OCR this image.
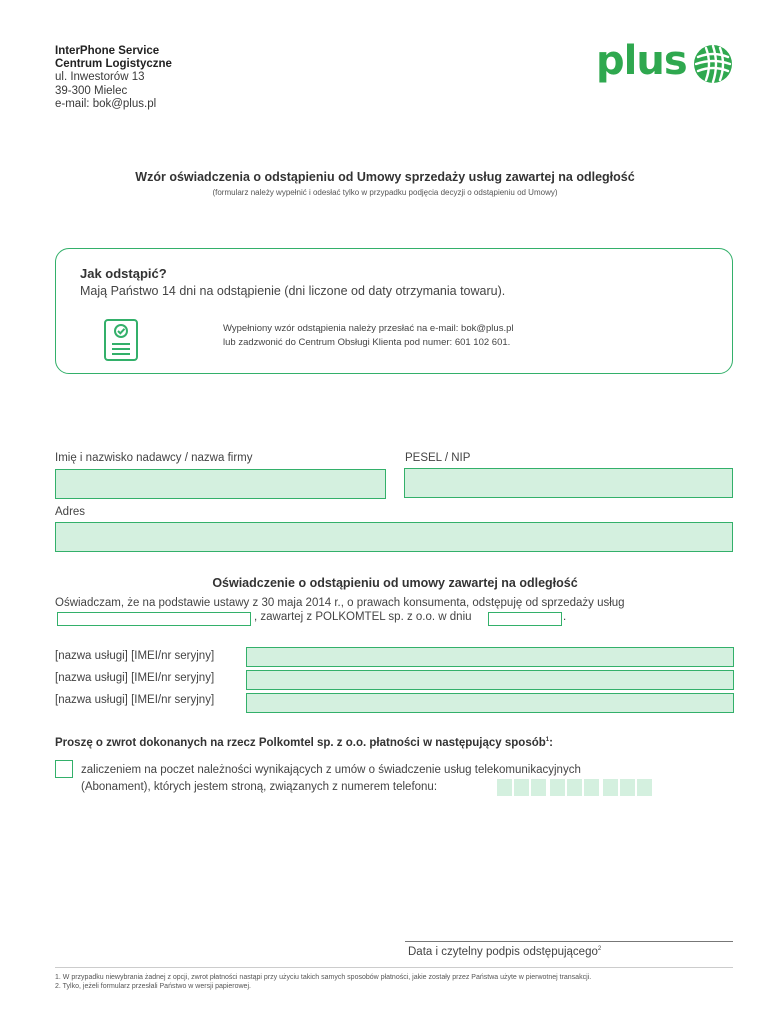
InterPhone Service
Centrum Logistyczne
ul. Inwestorów 13
39-300 Mielec
e-mail: bok@plus.pl
plus
Wzór oświadczenia o odstąpieniu od Umowy sprzedaży usług zawartej na odległość
(formularz należy wypełnić i odesłać tylko w przypadku podjęcia decyzji o odstąpieniu od Umowy)
Jak odstąpić?
Mają Państwo 14 dni na odstąpienie (dni liczone od daty otrzymania towaru).
Wypełniony wzór odstąpienia należy przesłać na e-mail: bok@plus.pl
lub zadzwonić do Centrum Obsługi Klienta pod numer: 601 102 601.
Imię i nazwisko nadawcy / nazwa firmy	PESEL / NIP
Adres
Oświadczenie o odstąpieniu od umowy zawartej na odległość
Oświadczam, że na podstawie ustawy z 30 maja 2014 r., o prawach konsumenta, odstępuję od sprzedaży usług
, zawartej z POLKOMTEL sp. z o.o. w dniu	.
[nazwa usługi] [IMEI/nr seryjny]
[nazwa usługi] [IMEI/nr seryjny]
[nazwa usługi] [IMEI/nr seryjny]
Proszę o zwrot dokonanych na rzecz Polkomtel sp. z o.o. płatności w następujący sposób$^1$:
zaliczeniem na poczet należności wynikających z umów o świadczenie usług telekomunikacyjnych
(Abonament), których jestem stroną, związanych z numerem telefonu:
Data i czytelny podpis odstępującego$^2$
1. W przypadku niewybrania żadnej z opcji, zwrot płatności nastąpi przy użyciu takich samych sposobów płatności, jakie zostały przez Państwa użyte w pierwotnej transakcji.
2. Tylko, jeżeli formularz przesłali Państwo w wersji papierowej.
